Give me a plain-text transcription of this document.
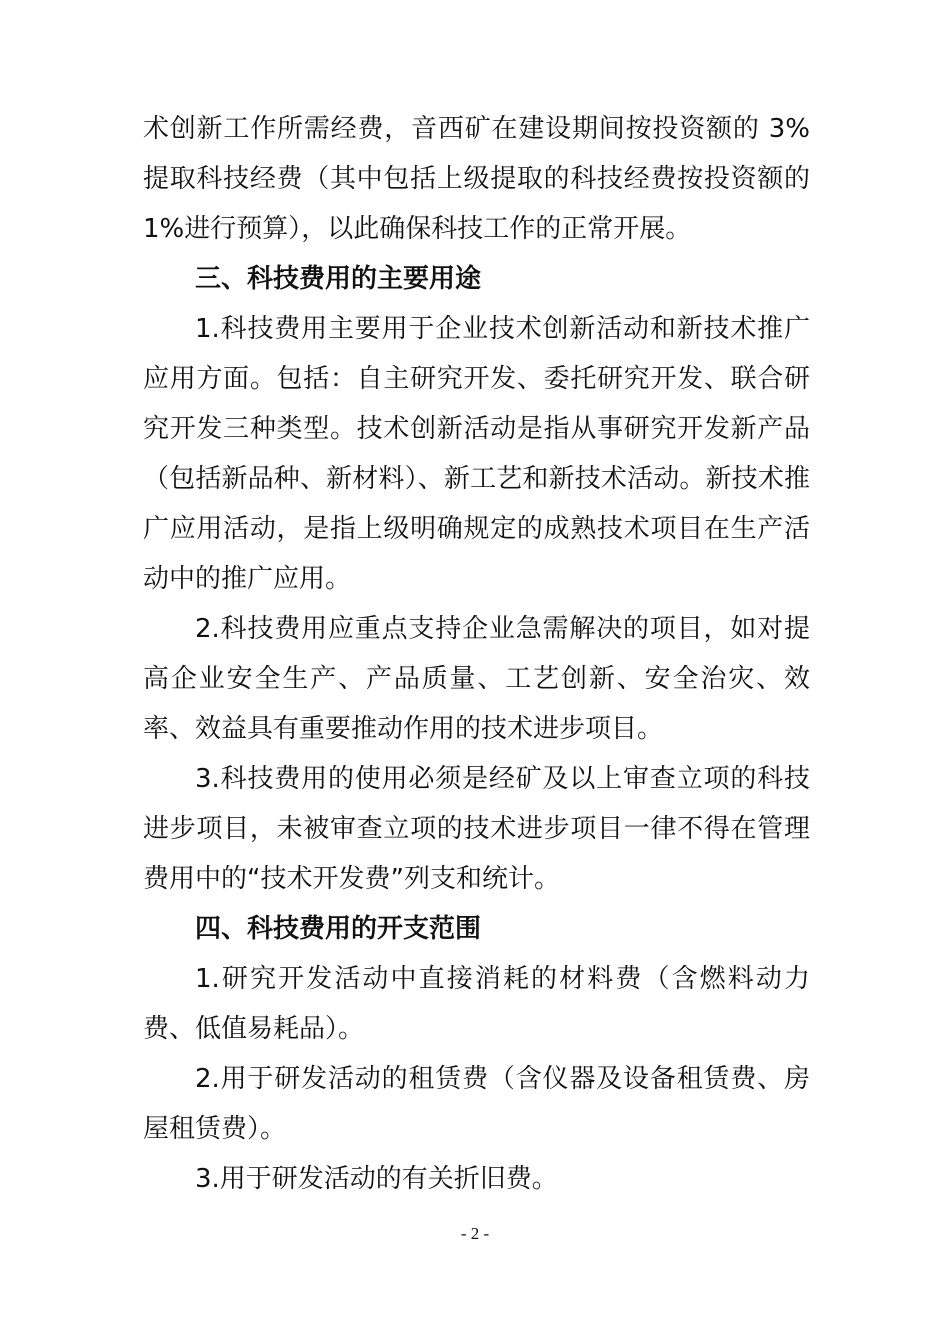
术创新工作所需经费，音西矿在建设期间按投资额的 3%提取科技经费（其中包括上级提取的科技经费按投资额的 1%进行预算），以此确保科技工作的正常开展。

三、科技费用的主要用途

1.科技费用主要用于企业技术创新活动和新技术推广应用方面。包括：自主研究开发、委托研究开发、联合研究开发三种类型。技术创新活动是指从事研究开发新产品（包括新品种、新材料）、新工艺和新技术活动。新技术推广应用活动，是指上级明确规定的成熟技术项目在生产活动中的推广应用。

2.科技费用应重点支持企业急需解决的项目，如对提高企业安全生产、产品质量、工艺创新、安全治灾、效率、效益具有重要推动作用的技术进步项目。

3.科技费用的使用必须是经矿及以上审查立项的科技进步项目，未被审查立项的技术进步项目一律不得在管理费用中的“技术开发费”列支和统计。

四、科技费用的开支范围

1.研究开发活动中直接消耗的材料费（含燃料动力费、低值易耗品）。

2.用于研发活动的租赁费（含仪器及设备租赁费、房屋租赁费）。

3.用于研发活动的有关折旧费。

- 2 -
